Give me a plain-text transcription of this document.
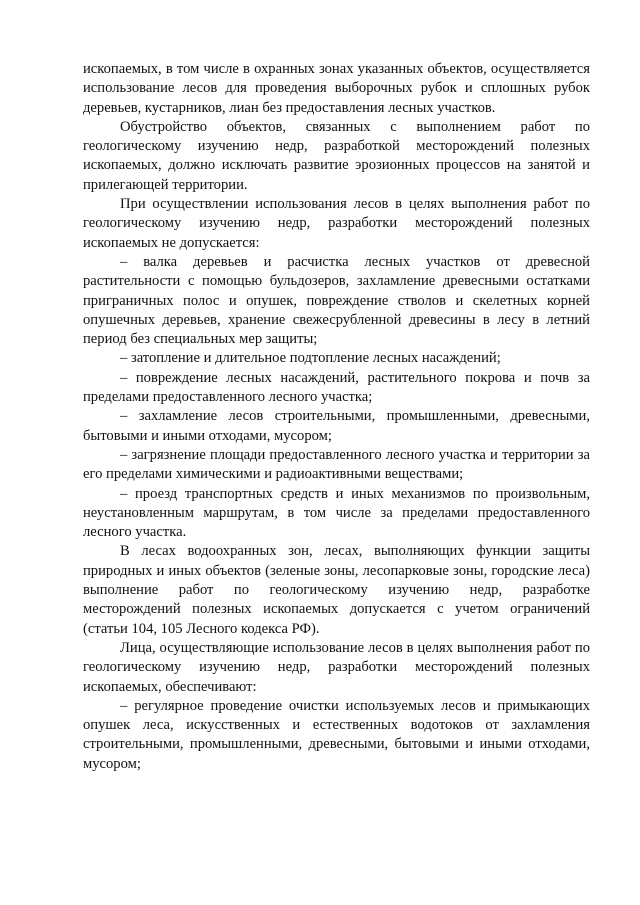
ископаемых, в том числе в охранных зонах указанных объектов, осуществляется использование лесов для проведения выборочных рубок и сплошных рубок деревьев, кустарников, лиан без предоставления лесных участков.

Обустройство объектов, связанных с выполнением работ по геологическому изучению недр, разработкой месторождений полезных ископаемых, должно исключать развитие эрозионных процессов на занятой и прилегающей территории.

При осуществлении использования лесов в целях выполнения работ по геологическому изучению недр, разработки месторождений полезных ископаемых не допускается:

– валка деревьев и расчистка лесных участков от древесной растительности с помощью бульдозеров, захламление древесными остатками приграничных полос и опушек, повреждение стволов и скелетных корней опушечных деревьев, хранение свежесрубленной древесины в лесу в летний период без специальных мер защиты;

– затопление и длительное подтопление лесных насаждений;

– повреждение лесных насаждений, растительного покрова и почв за пределами предоставленного лесного участка;

– захламление лесов строительными, промышленными, древесными, бытовыми и иными отходами, мусором;

– загрязнение площади предоставленного лесного участка и территории за его пределами химическими и радиоактивными веществами;

– проезд транспортных средств и иных механизмов по произвольным, неустановленным маршрутам, в том числе за пределами предоставленного лесного участка.

В лесах водоохранных зон, лесах, выполняющих функции защиты природных и иных объектов (зеленые зоны, лесопарковые зоны, городские леса) выполнение работ по геологическому изучению недр, разработке месторождений полезных ископаемых допускается с учетом ограничений (статьи 104, 105 Лесного кодекса РФ).

Лица, осуществляющие использование лесов в целях выполнения работ по геологическому изучению недр, разработки месторождений полезных ископаемых, обеспечивают:

– регулярное проведение очистки используемых лесов и примыкающих опушек леса, искусственных и естественных водотоков от захламления строительными, промышленными, древесными, бытовыми и иными отходами, мусором;
